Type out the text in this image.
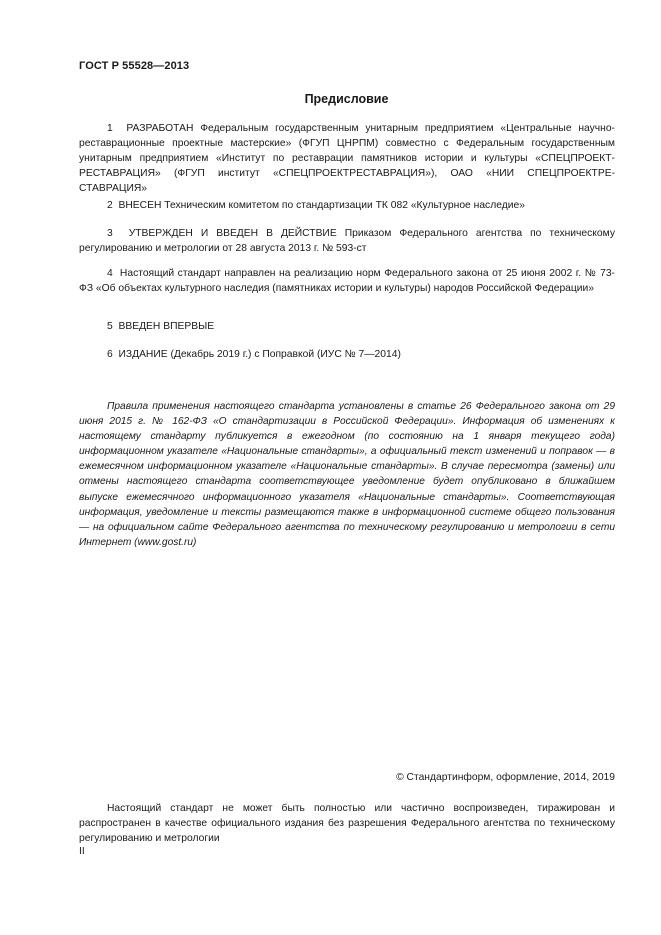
ГОСТ Р 55528—2013
Предисловие
1 РАЗРАБОТАН Федеральным государственным унитарным предприятием «Центральные научно-реставрационные проектные мастерские» (ФГУП ЦНРПМ) совместно с Федеральным государственным унитарным предприятием «Институт по реставрации памятников истории и культуры «СПЕЦПРОЕКТ-РЕСТАВРАЦИЯ» (ФГУП институт «СПЕЦПРОЕКТРЕСТАВРАЦИЯ»), ОАО «НИИ СПЕЦПРОЕКТРЕ-СТАВРАЦИЯ»
2 ВНЕСЕН Техническим комитетом по стандартизации ТК 082 «Культурное наследие»
3 УТВЕРЖДЕН И ВВЕДЕН В ДЕЙСТВИЕ Приказом Федерального агентства по техническому регулированию и метрологии от 28 августа 2013 г. № 593-ст
4 Настоящий стандарт направлен на реализацию норм Федерального закона от 25 июня 2002 г. № 73-ФЗ «Об объектах культурного наследия (памятниках истории и культуры) народов Российской Федерации»
5 ВВЕДЕН ВПЕРВЫЕ
6 ИЗДАНИЕ (Декабрь 2019 г.) с Поправкой (ИУС № 7—2014)
Правила применения настоящего стандарта установлены в статье 26 Федерального закона от 29 июня 2015 г. № 162-ФЗ «О стандартизации в Российской Федерации». Информация об изменениях к настоящему стандарту публикуется в ежегодном (по состоянию на 1 января текущего года) информационном указателе «Национальные стандарты», а официальный текст изменений и поправок — в ежемесячном информационном указателе «Национальные стандарты». В случае пересмотра (замены) или отмены настоящего стандарта соответствующее уведомление будет опубликовано в ближайшем выпуске ежемесячного информационного указателя «Национальные стандарты». Соответствующая информация, уведомление и тексты размещаются также в информационной системе общего пользования — на официальном сайте Федерального агентства по техническому регулированию и метрологии в сети Интернет (www.gost.ru)
© Стандартинформ, оформление, 2014, 2019
Настоящий стандарт не может быть полностью или частично воспроизведен, тиражирован и распространен в качестве официального издания без разрешения Федерального агентства по техническому регулированию и метрологии
II
